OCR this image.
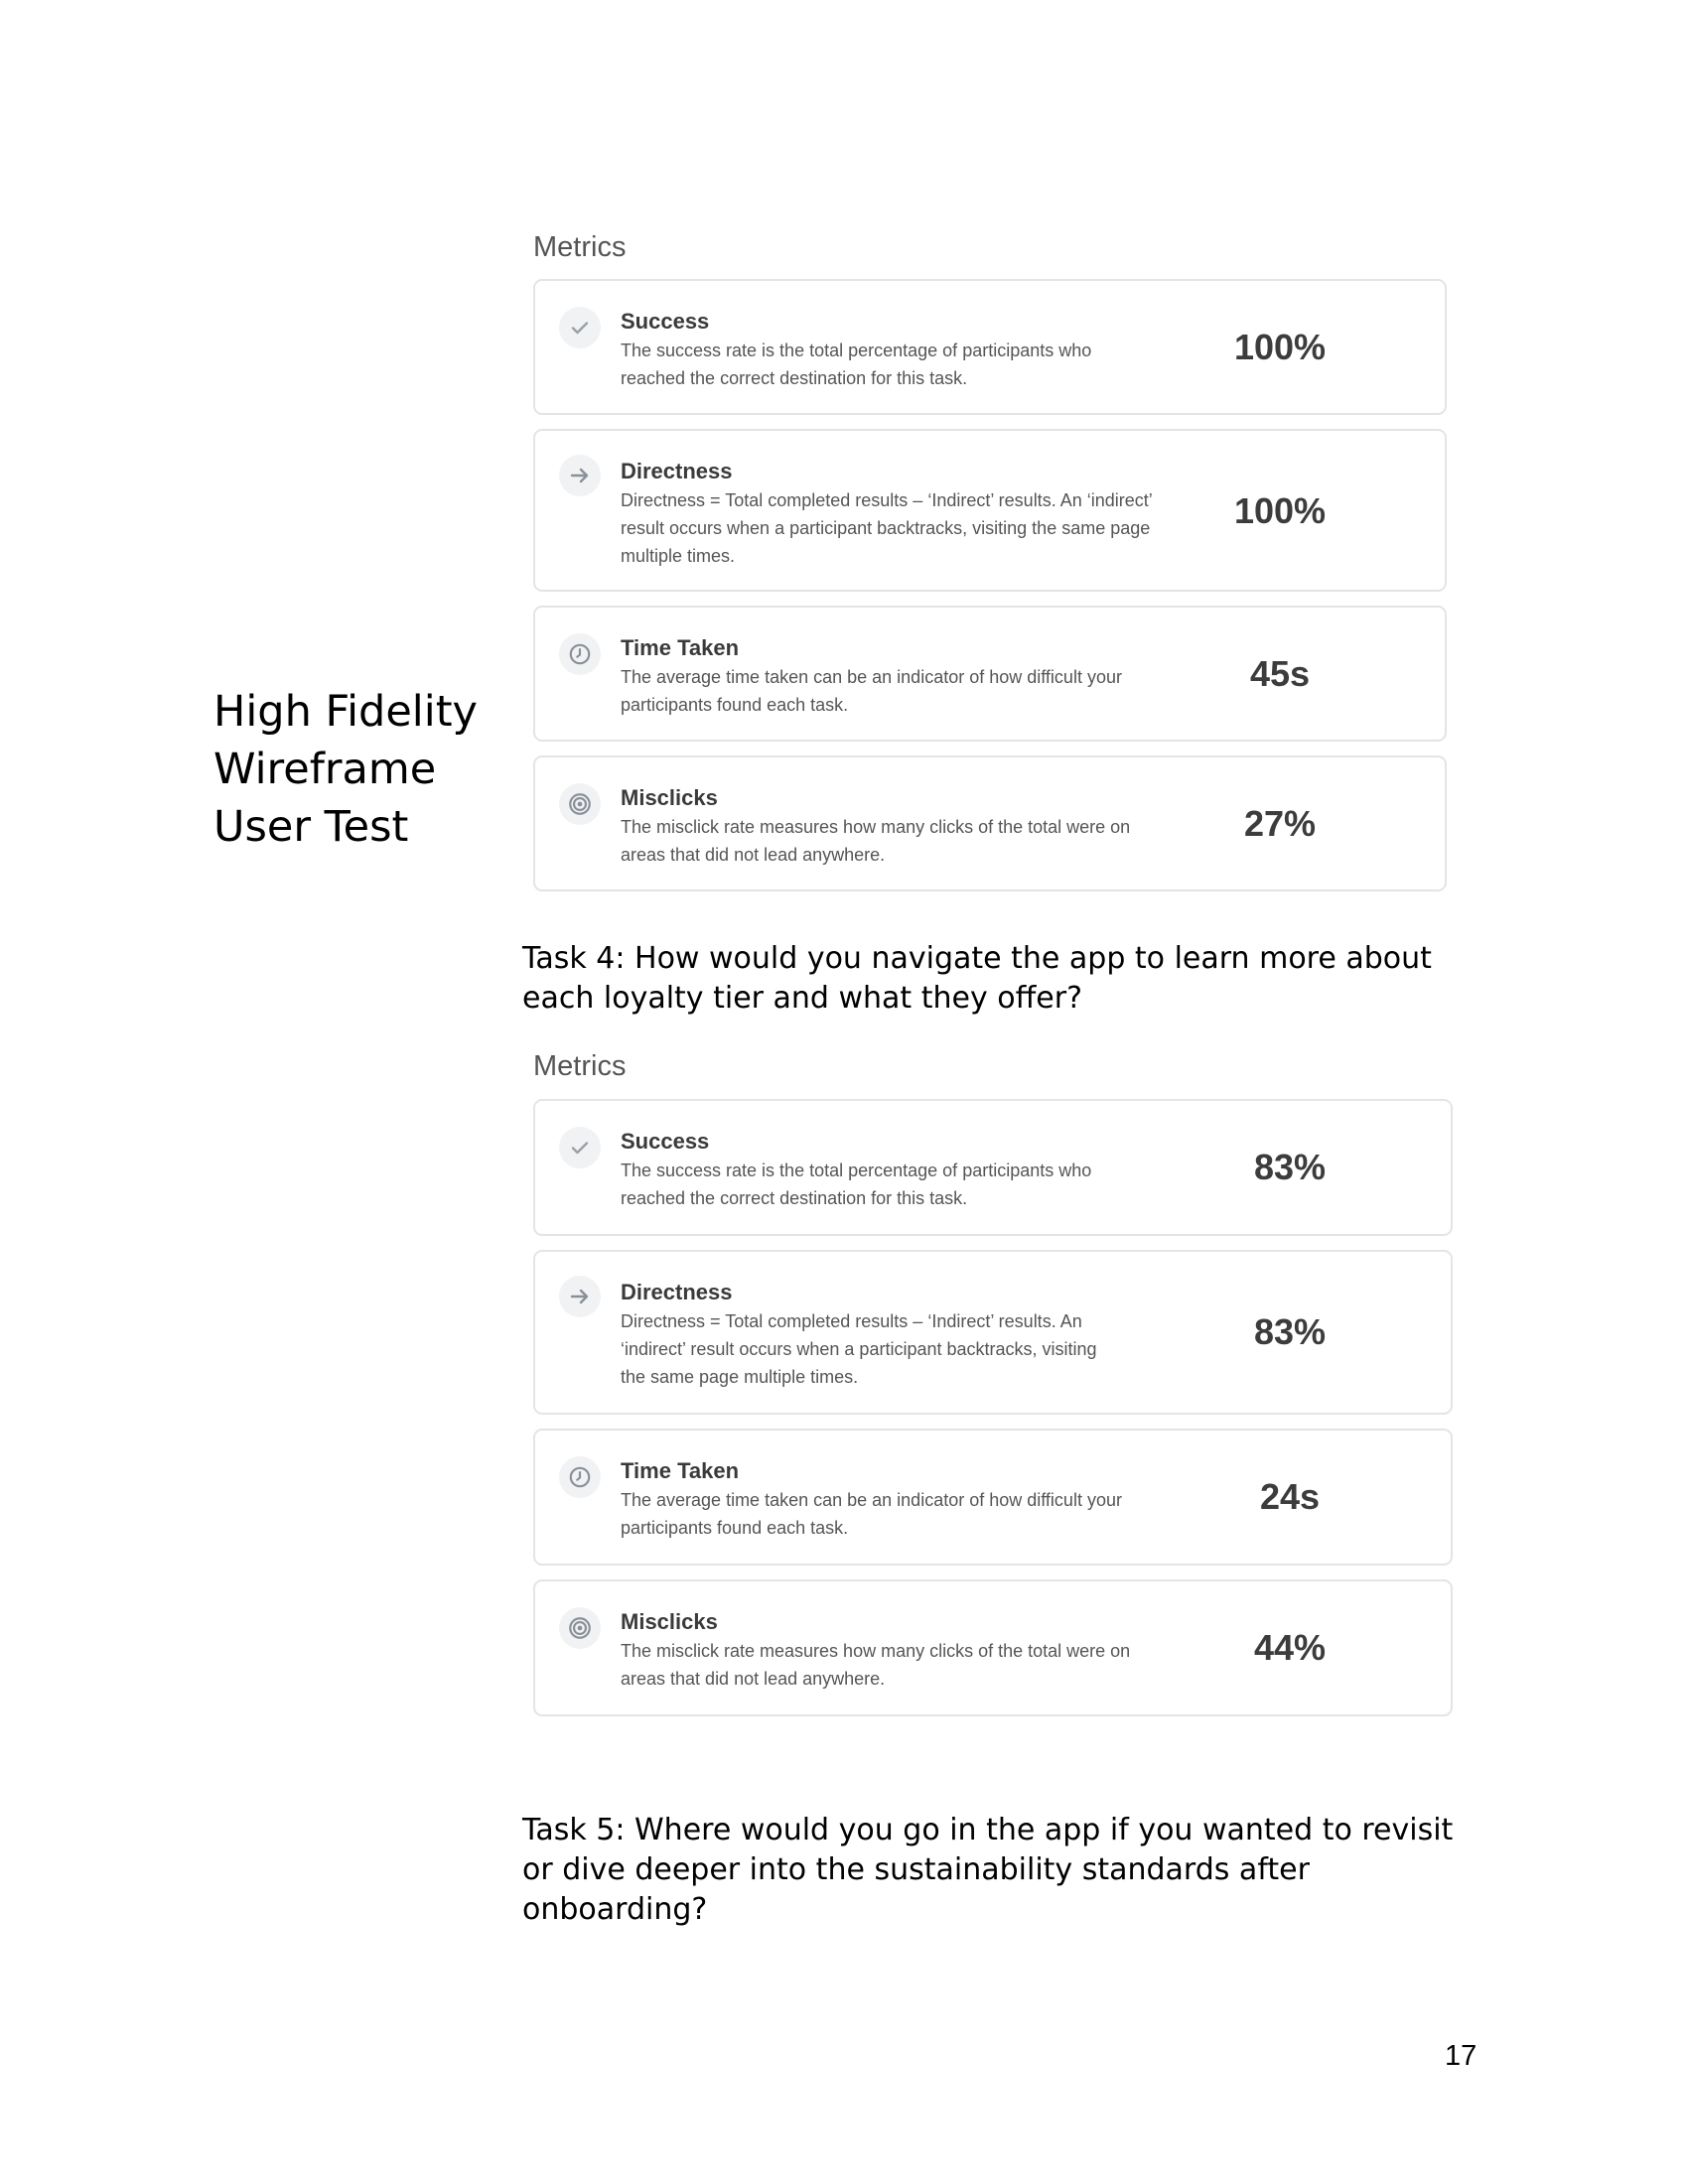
High Fidelity
Wireframe
User Test
Metrics
Success
The success rate is the total percentage of participants who reached the correct destination for this task.
100%
Directness
Directness = Total completed results – ‘Indirect’ results. An ‘indirect’ result occurs when a participant backtracks, visiting the same page multiple times.
100%
Time Taken
The average time taken can be an indicator of how difficult your participants found each task.
45s
Misclicks
The misclick rate measures how many clicks of the total were on areas that did not lead anywhere.
27%
Task 4: How would you navigate the app to learn more about each loyalty tier and what they offer?
Metrics
Success
The success rate is the total percentage of participants who reached the correct destination for this task.
83%
Directness
Directness = Total completed results – ‘Indirect’ results. An ‘indirect’ result occurs when a participant backtracks, visiting the same page multiple times.
83%
Time Taken
The average time taken can be an indicator of how difficult your participants found each task.
24s
Misclicks
The misclick rate measures how many clicks of the total were on areas that did not lead anywhere.
44%
Task 5: Where would you go in the app if you wanted to revisit or dive deeper into the sustainability standards after onboarding?
17
